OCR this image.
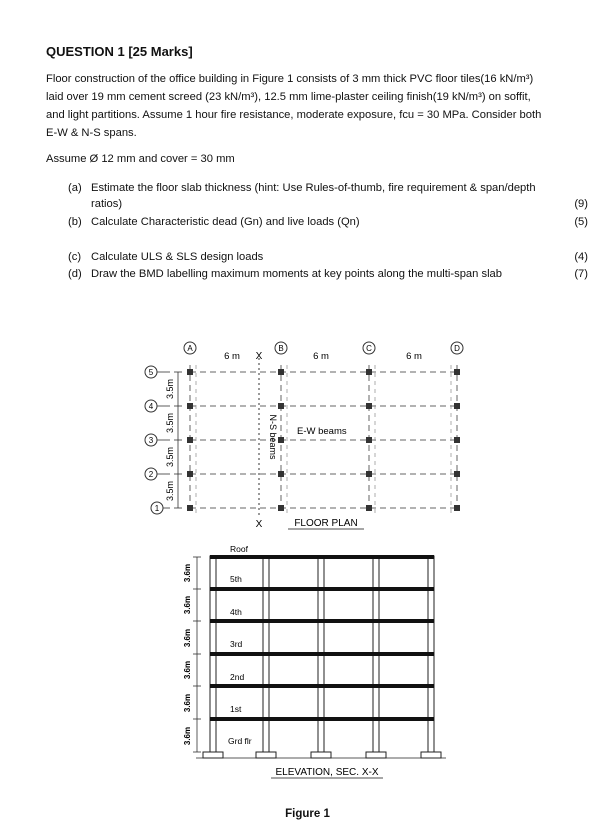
QUESTION 1 [25 Marks]
Floor construction of the office building in Figure 1 consists of 3 mm thick PVC floor tiles(16 kN/m³)
laid over 19 mm cement screed (23 kN/m³), 12.5 mm lime-plaster ceiling finish(19 kN/m³) on soffit,
and light partitions. Assume 1 hour fire resistance, moderate exposure, fcu = 30 MPa. Consider both
E-W & N-S spans.
Assume Ø 12 mm and cover = 30 mm
(a) Estimate the floor slab thickness (hint: Use Rules-of-thumb, fire requirement & span/depth
ratios)	(9)
(b) Calculate Characteristic dead (Gn) and live loads (Qn)	(5)
(c) Calculate ULS & SLS design loads	(4)
(d) Draw the BMD labelling maximum moments at key points along the multi-span slab	(7)
X
X
A	B	C	D
5
4
3
2
1
3.5m
3.5m
3.5m
3.5m
6 m	6 m	6 m
N-S beams E-W beams
FLOOR PLAN
Roof
5th
4th
3rd
2nd
1st
Grd flr
3.6m
3.6m
3.6m
3.6m
3.6m
3.6m
ELEVATION, SEC. X-X
Figure 1
